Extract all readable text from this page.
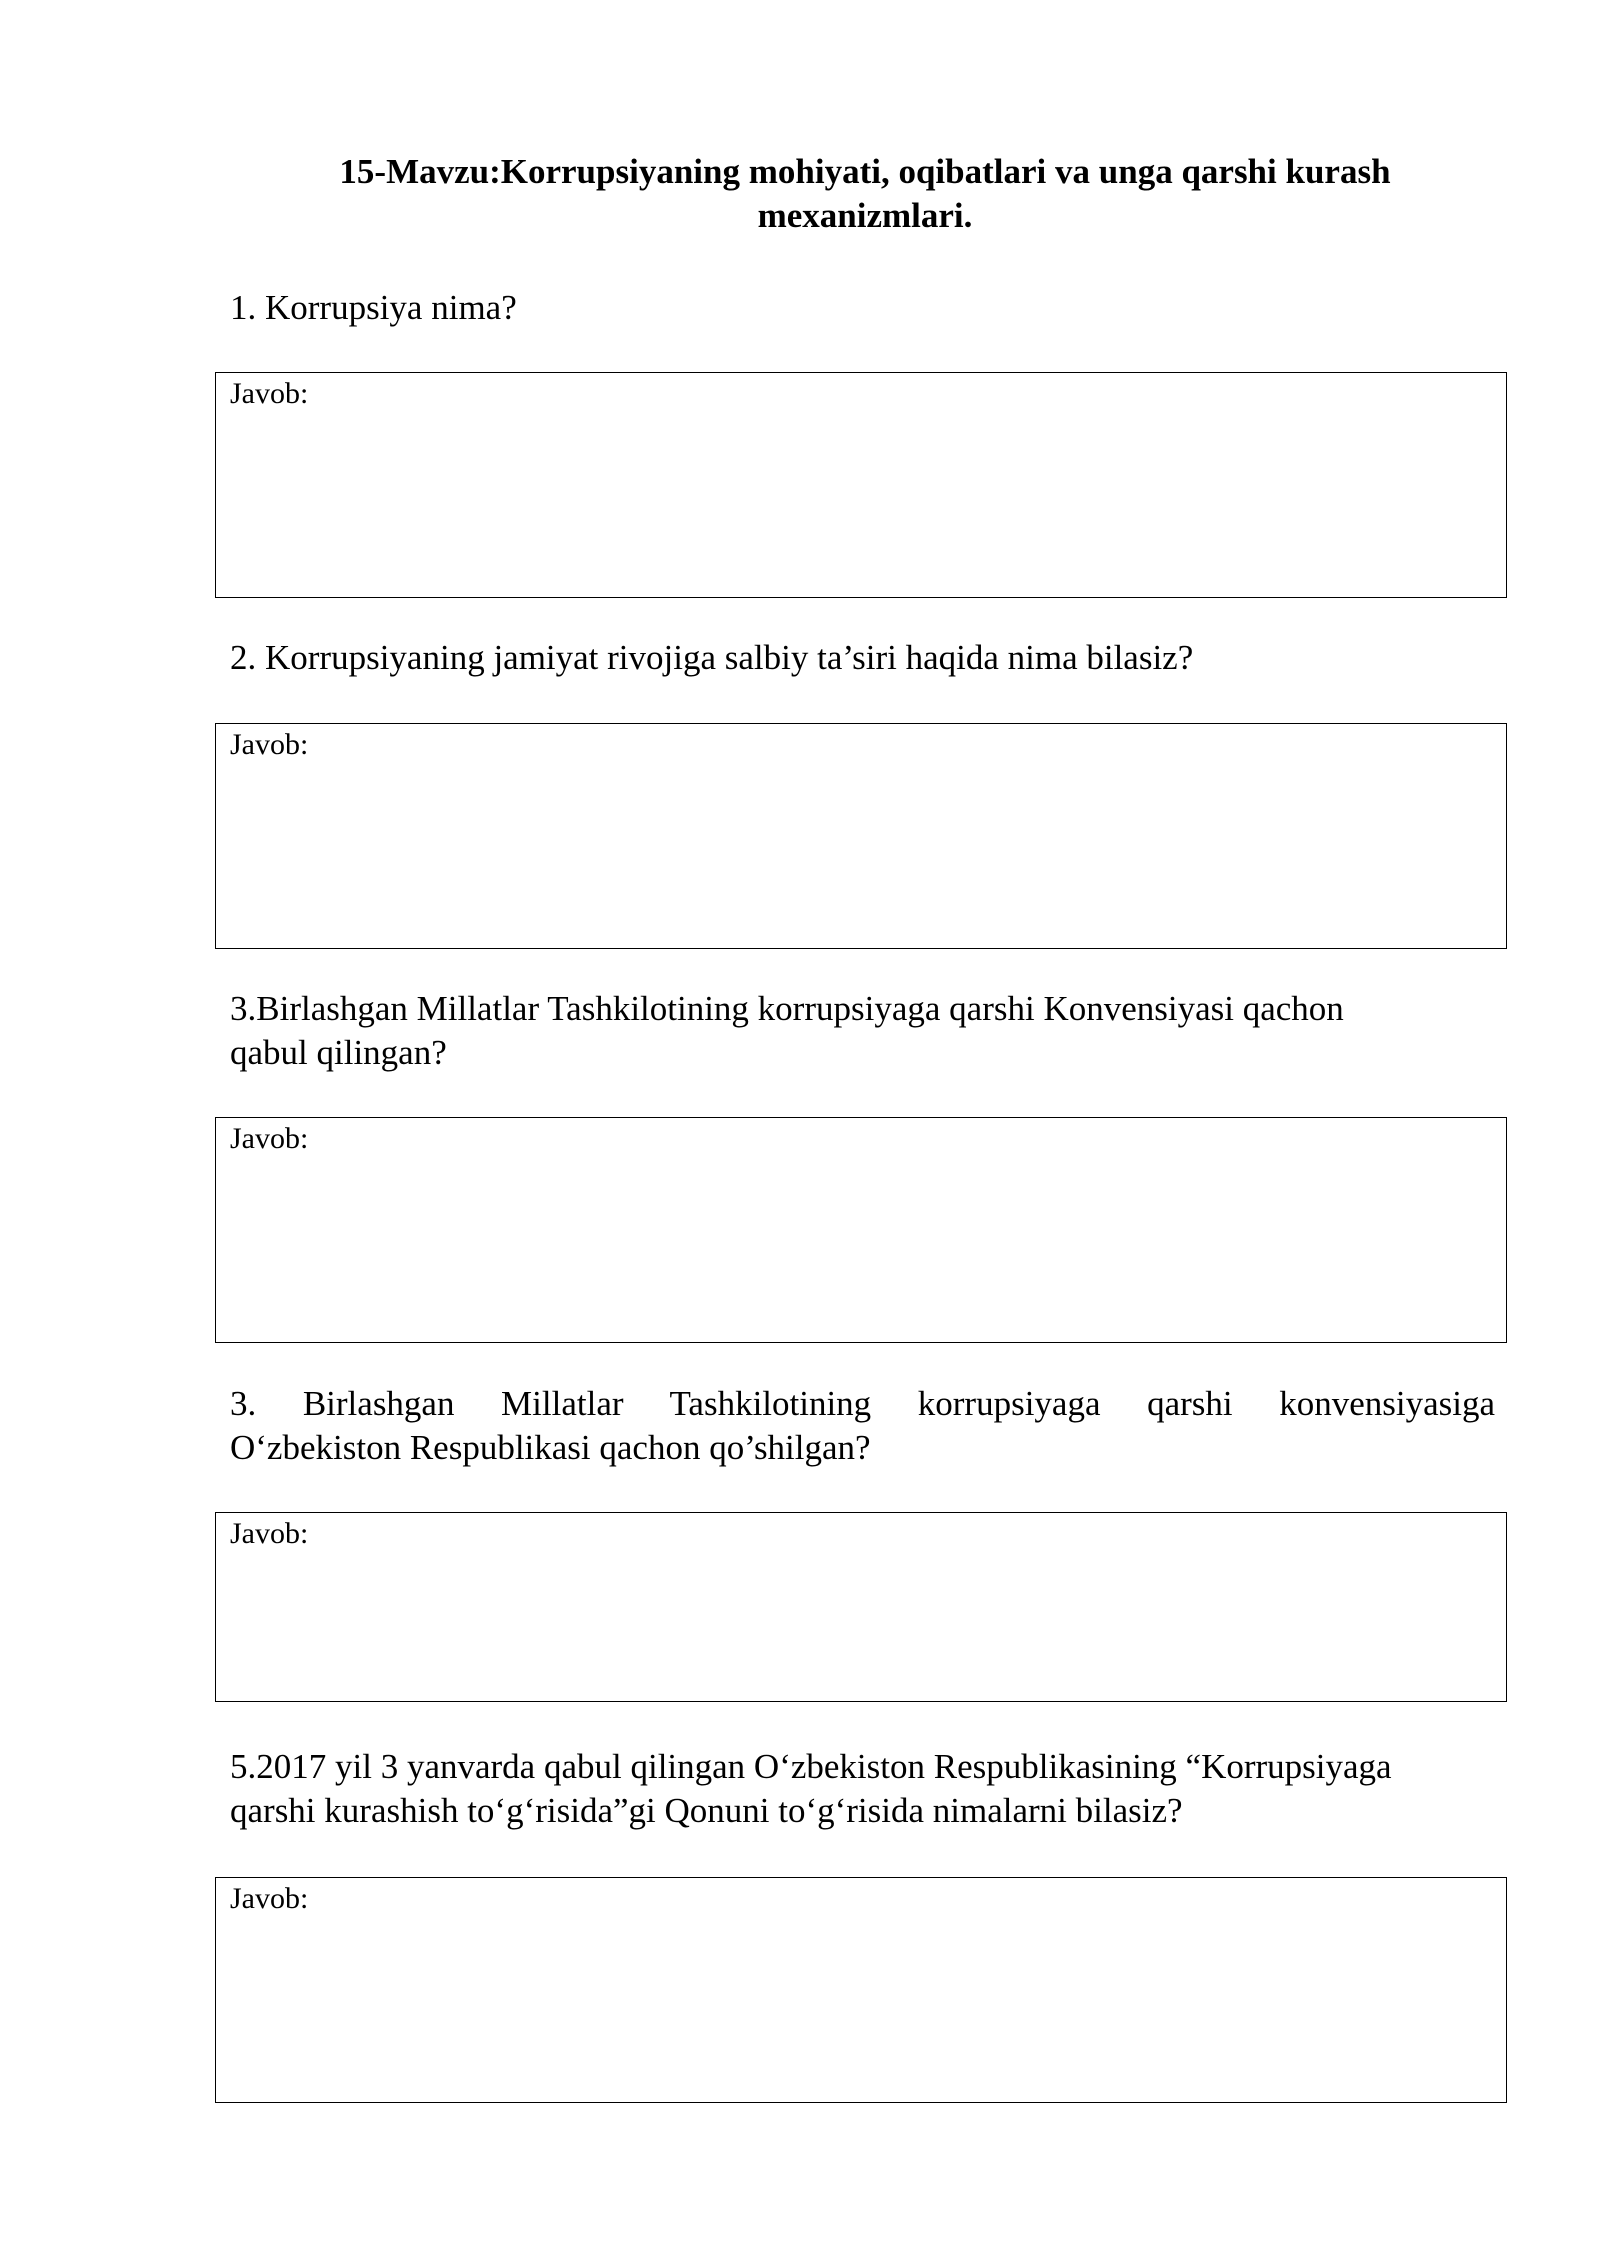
15-Mavzu:Korrupsiyaning mohiyati, oqibatlari va unga qarshi kurash
mexanizmlari.
1. Korrupsiya nima?
Javob:
2. Korrupsiyaning jamiyat rivojiga salbiy ta’siri haqida nima bilasiz?
Javob:
3.Birlashgan Millatlar Tashkilotining korrupsiyaga qarshi Konvensiyasi qachon
qabul qilingan?
Javob:
3. Birlashgan Millatlar Tashkilotining korrupsiyaga qarshi konvensiyasiga
O‘zbekiston Respublikasi qachon qo’shilgan?
Javob:
5.2017 yil 3 yanvarda qabul qilingan O‘zbekiston Respublikasining “Korrupsiyaga
qarshi kurashish to‘g‘risida”gi Qonuni to‘g‘risida nimalarni bilasiz?
Javob:
